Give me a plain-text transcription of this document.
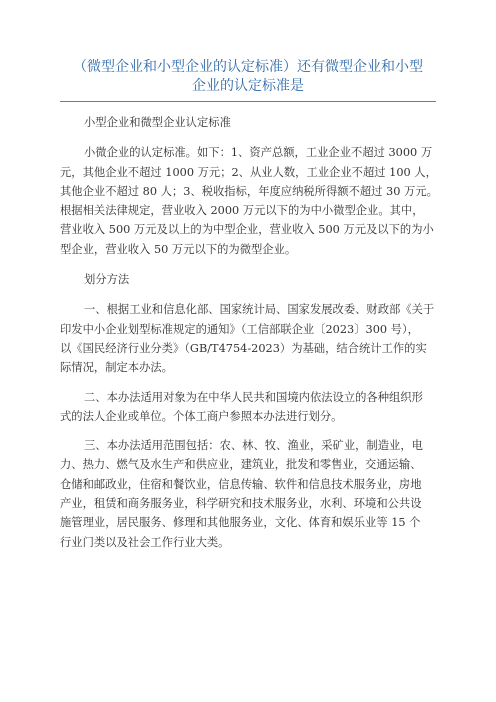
（微型企业和小型企业的认定标准）还有微型企业和小型
企业的认定标准是
小型企业和微型企业认定标准
小微企业的认定标准。如下：1、资产总额，工业企业不超过 3000 万
元，其他企业不超过 1000 万元；2、从业人数，工业企业不超过 100 人，
其他企业不超过 80 人；3、税收指标，年度应纳税所得额不超过 30 万元。
根据相关法律规定，营业收入 2000 万元以下的为中小微型企业。其中，
营业收入 500 万元及以上的为中型企业，营业收入 500 万元及以下的为小
型企业，营业收入 50 万元以下的为微型企业。
划分方法
一、根据工业和信息化部、国家统计局、国家发展改委、财政部《关于
印发中小企业划型标准规定的通知》（工信部联企业〔2023〕300 号），
以《国民经济行业分类》（GB/T4754-2023）为基础，结合统计工作的实
际情况，制定本办法。
二、本办法适用对象为在中华人民共和国境内依法设立的各种组织形
式的法人企业或单位。个体工商户参照本办法进行划分。
三、本办法适用范围包括：农、林、牧、渔业，采矿业，制造业，电
力、热力、燃气及水生产和供应业，建筑业，批发和零售业，交通运输、
仓储和邮政业，住宿和餐饮业，信息传输、软件和信息技术服务业，房地
产业，租赁和商务服务业，科学研究和技术服务业，水利、环境和公共设
施管理业，居民服务、修理和其他服务业，文化、体育和娱乐业等 15 个
行业门类以及社会工作行业大类。
